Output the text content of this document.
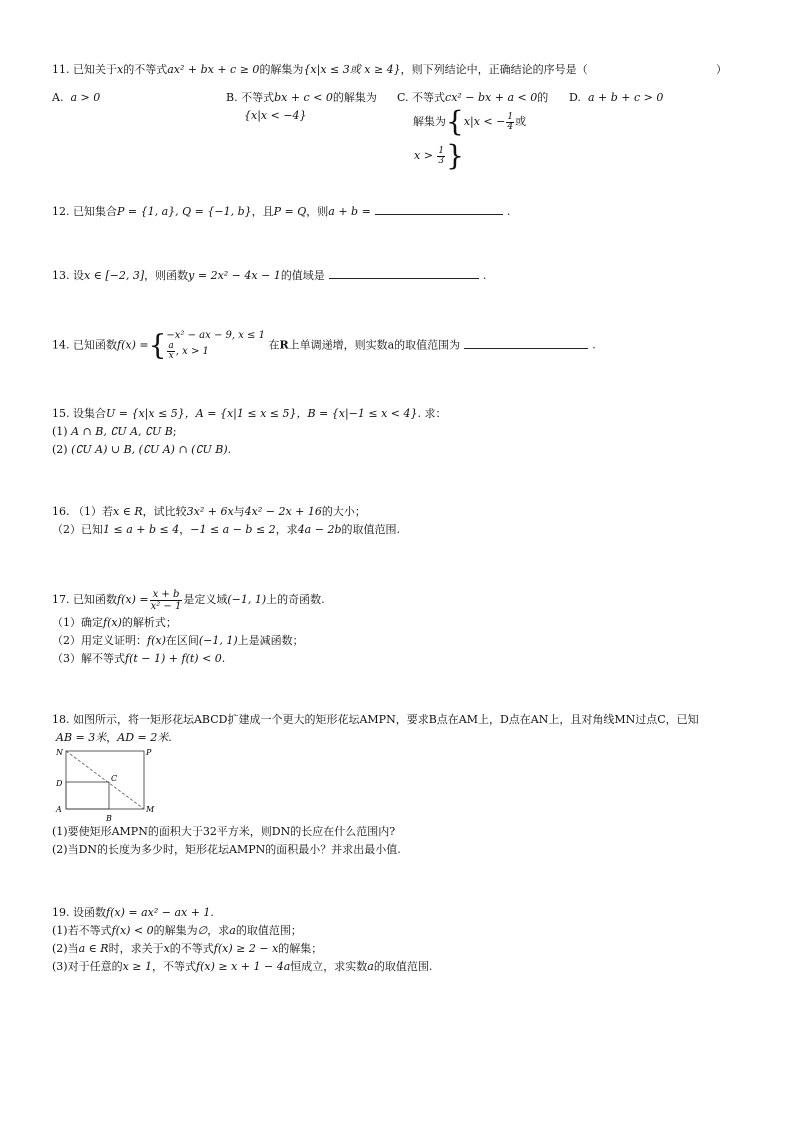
11. 已知关于x的不等式ax² + bx + c ≥ 0的解集为{x|x ≤ 3或 x ≥ 4}，则下列结论中，正确结论的序号是（	）
A. a > 0	B. 不等式bx + c < 0的解集为
{x|x < −4}
C. 不等式cx² − bx + a < 0的
解集为{x|x < − $\frac{1}{4}$ 或
$x > \frac{1}{3}$ }
D. a + b + c > 0
12. 已知集合P = {1, a}, Q = {−1, b}，且P = Q，则a + b =	.
13. 设x ∈ [−2, 3]，则函数y = 2x² − 4x − 1的值域是	.
14. 已知函数f(x) ={ −x² − ax − 9, x ≤ 1
$\frac{a}{x}$ , x > 1	在R上单调递增，则实数a的取值范围为	.
15. 设集合U = {x|x ≤ 5}，A = {x|1 ≤ x ≤ 5}，B = {x|−1 ≤ x < 4}. 求：
(1) A ∩ B, ∁U A, ∁U B;
(2) (∁U A) ∪ B, (∁U A) ∩ (∁U B).
16. （1）若x ∈ R，试比较3x² + 6x与4x² − 2x + 16的大小；
（2）已知1 ≤ a + b ≤ 4，−1 ≤ a − b ≤ 2，求4a − 2b的取值范围.
17. 已知函数$f(x) = \frac{x + b}{\text{x² − 1}}$ 是定义域(−1, 1)上的奇函数.
（1）确定f(x)的解析式；
（2）用定义证明：f(x)在区间(−1, 1)上是减函数；
（3）解不等式f(t − 1) + f(t) < 0.
18. 如图所示，将一矩形花坛ABCD扩建成一个更大的矩形花坛AMPN，要求B点在AM上，D点在AN上，且对角线MN过点C，已知
AB = 3米，AD = 2米.
N	P
D
C
A
B
M
(1)要使矩形AMPN的面积大于32平方米，则DN的长应在什么范围内?
(2)当DN的长度为多少时，矩形花坛AMPN的面积最小？并求出最小值.
19. 设函数f(x) = ax² − ax + 1.
(1)若不等式f(x) < 0的解集为∅，求a的取值范围；
(2)当a ∈ R时，求关于x的不等式f(x) ≥ 2 − x的解集；
(3)对于任意的x ≥ 1，不等式f(x) ≥ x + 1 − 4a恒成立，求实数a的取值范围.
